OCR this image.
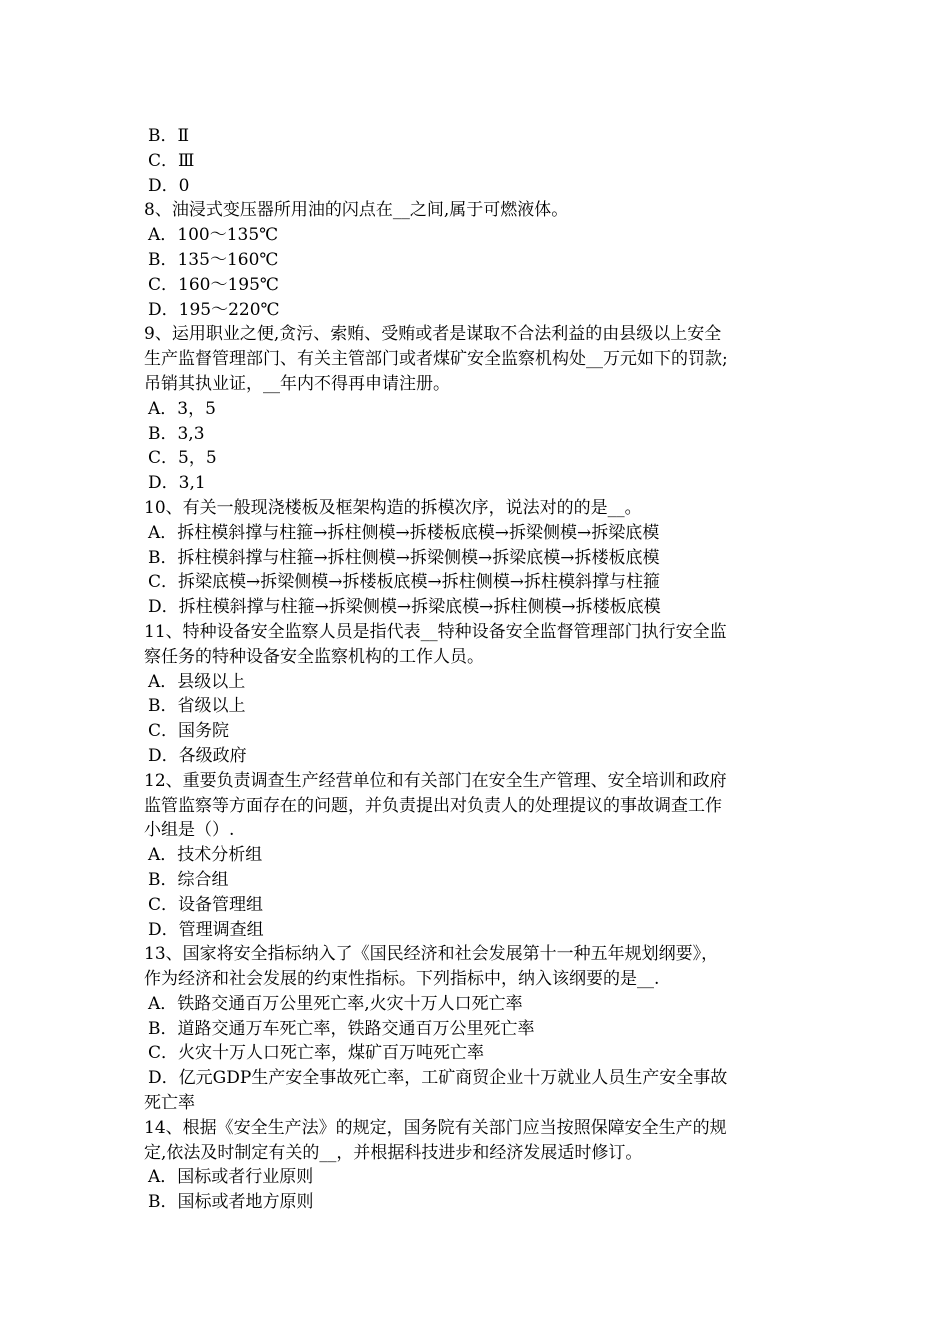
B．Ⅱ
C．Ⅲ
D．0
8、油浸式变压器所用油的闪点在__之间,属于可燃液体。
A．100～135℃
B．135～160℃
C．160～195℃
D．195～220℃
9、运用职业之便,贪污、索贿、受贿或者是谋取不合法利益的由县级以上安全
生产监督管理部门、有关主管部门或者煤矿安全监察机构处__万元如下的罚款;
吊销其执业证，__年内不得再申请注册。
A．3，5
B．3,3
C．5，5
D．3,1
10、有关一般现浇楼板及框架构造的拆模次序，说法对的的是__。
A．拆柱模斜撑与柱箍→拆柱侧模→拆楼板底模→拆梁侧模→拆梁底模
B．拆柱模斜撑与柱箍→拆柱侧模→拆梁侧模→拆梁底模→拆楼板底模
C．拆梁底模→拆梁侧模→拆楼板底模→拆柱侧模→拆柱模斜撑与柱箍
D．拆柱模斜撑与柱箍→拆梁侧模→拆梁底模→拆柱侧模→拆楼板底模
11、特种设备安全监察人员是指代表__特种设备安全监督管理部门执行安全监
察任务的特种设备安全监察机构的工作人员。
A．县级以上
B．省级以上
C．国务院
D．各级政府
12、重要负责调查生产经营单位和有关部门在安全生产管理、安全培训和政府
监管监察等方面存在的问题，并负责提出对负责人的处理提议的事故调查工作
小组是（）.
A．技术分析组
B．综合组
C．设备管理组
D．管理调查组
13、国家将安全指标纳入了《国民经济和社会发展第十一种五年规划纲要》，
作为经济和社会发展的约束性指标。下列指标中，纳入该纲要的是__.
A．铁路交通百万公里死亡率,火灾十万人口死亡率
B．道路交通万车死亡率，铁路交通百万公里死亡率
C．火灾十万人口死亡率，煤矿百万吨死亡率
D．亿元GDP生产安全事故死亡率，工矿商贸企业十万就业人员生产安全事故
死亡率
14、根据《安全生产法》的规定，国务院有关部门应当按照保障安全生产的规
定,依法及时制定有关的__，并根据科技进步和经济发展适时修订。
A．国标或者行业原则
B．国标或者地方原则
